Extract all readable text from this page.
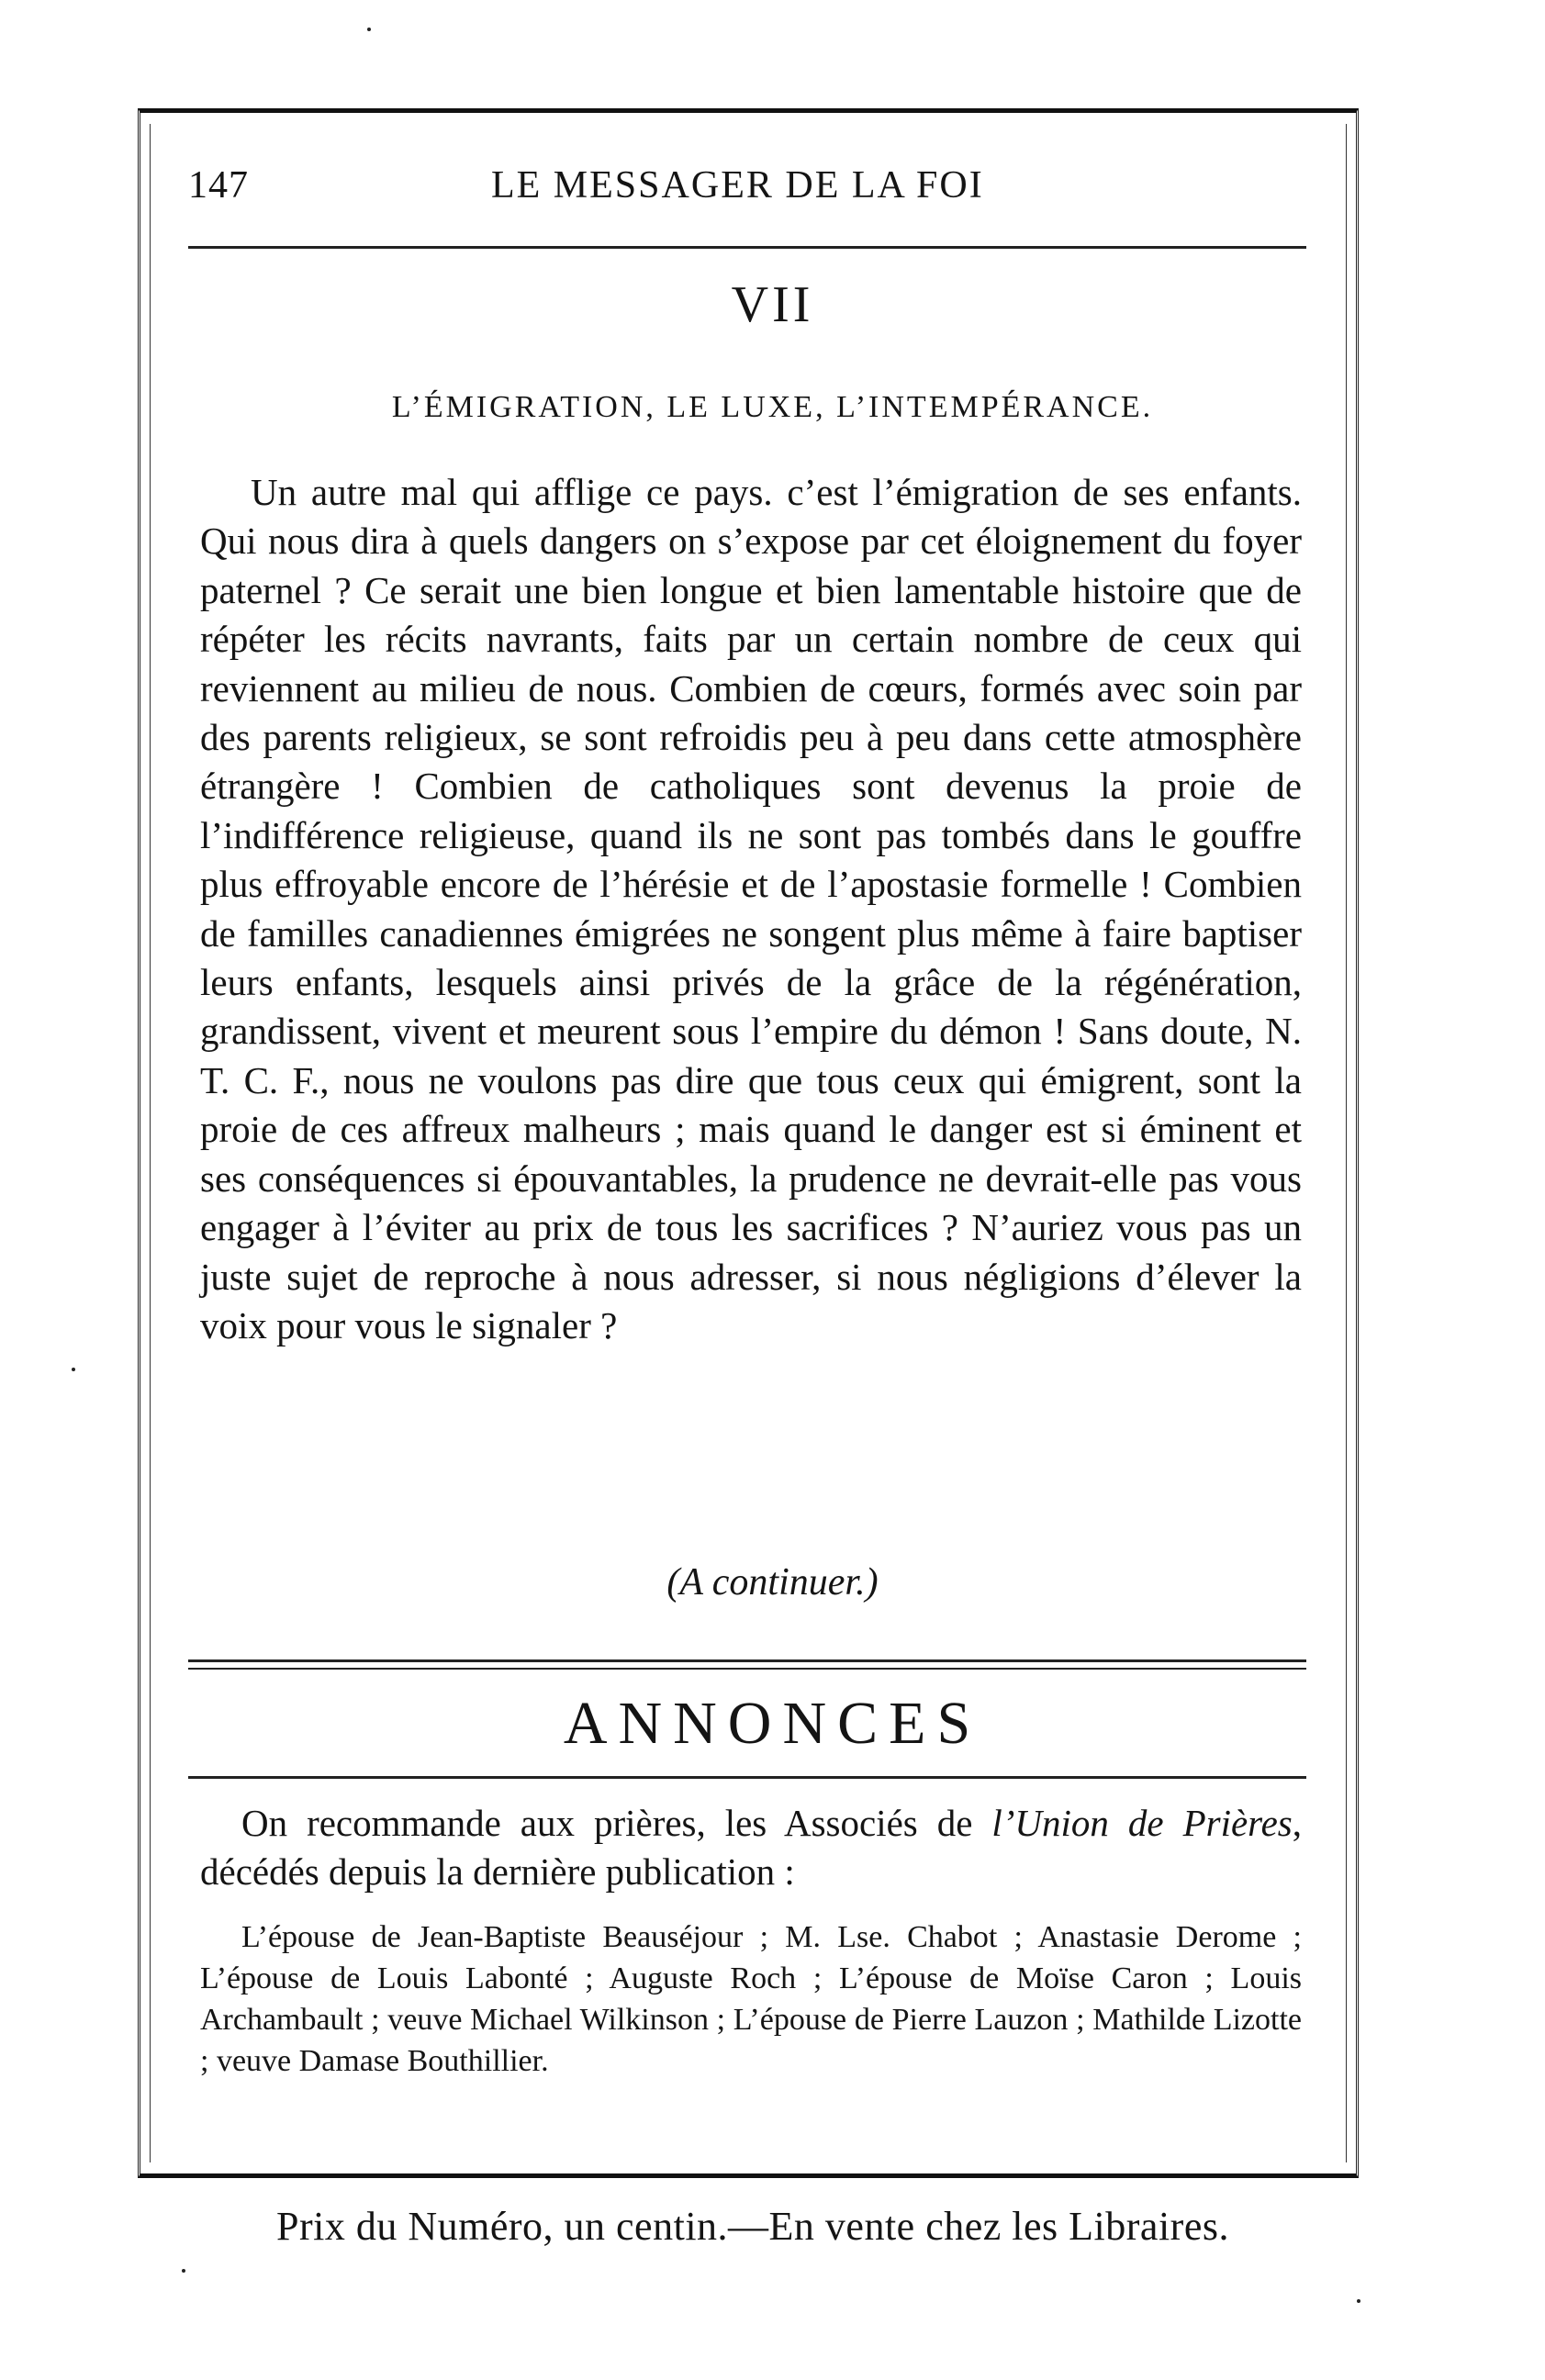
147	LE MESSAGER DE LA FOI
VII
L’ÉMIGRATION, LE LUXE, L’INTEMPÉRANCE.

Un autre mal qui afflige ce pays. c’est l’émigration de ses enfants. Qui nous dira à quels dangers on s’expose par cet éloignement du foyer paternel ? Ce serait une bien longue et bien lamentable histoire que de répéter les récits navrants, faits par un certain nombre de ceux qui reviennent au milieu de nous. Combien de cœurs, formés avec soin par des parents religieux, se sont refroidis peu à peu dans cette atmosphère étrangère ! Combien de catholiques sont devenus la proie de l’indifférence religieuse, quand ils ne sont pas tombés dans le gouffre plus effroyable encore de l’hérésie et de l’apostasie formelle ! Combien de familles canadiennes émigrées ne songent plus même à faire baptiser leurs enfants, lesquels ainsi privés de la grâce de la régénération, grandissent, vivent et meurent sous l’empire du démon ! Sans doute, N. T. C. F., nous ne voulons pas dire que tous ceux qui émigrent, sont la proie de ces affreux malheurs ; mais quand le danger est si éminent et ses conséquences si épouvantables, la prudence ne devrait-elle pas vous engager à l’éviter au prix de tous les sacrifices ? N’auriez vous pas un juste sujet de reproche à nous adresser, si nous négligions d’élever la voix pour vous le signaler ?

(A continuer.)
ANNONCES

On recommande aux prières, les Associés de l’Union de Prières, décédés depuis la dernière publication :

L’épouse de Jean-Baptiste Beauséjour ; M. Lse. Chabot ; Anastasie Derome ; L’épouse de Louis Labonté ; Auguste Roch ; L’épouse de Moïse Caron ; Louis Archambault ; veuve Michael Wilkinson ; L’épouse de Pierre Lauzon ; Mathilde Lizotte ; veuve Damase Bouthillier.

Prix du Numéro, un centin.—En vente chez les Libraires.
